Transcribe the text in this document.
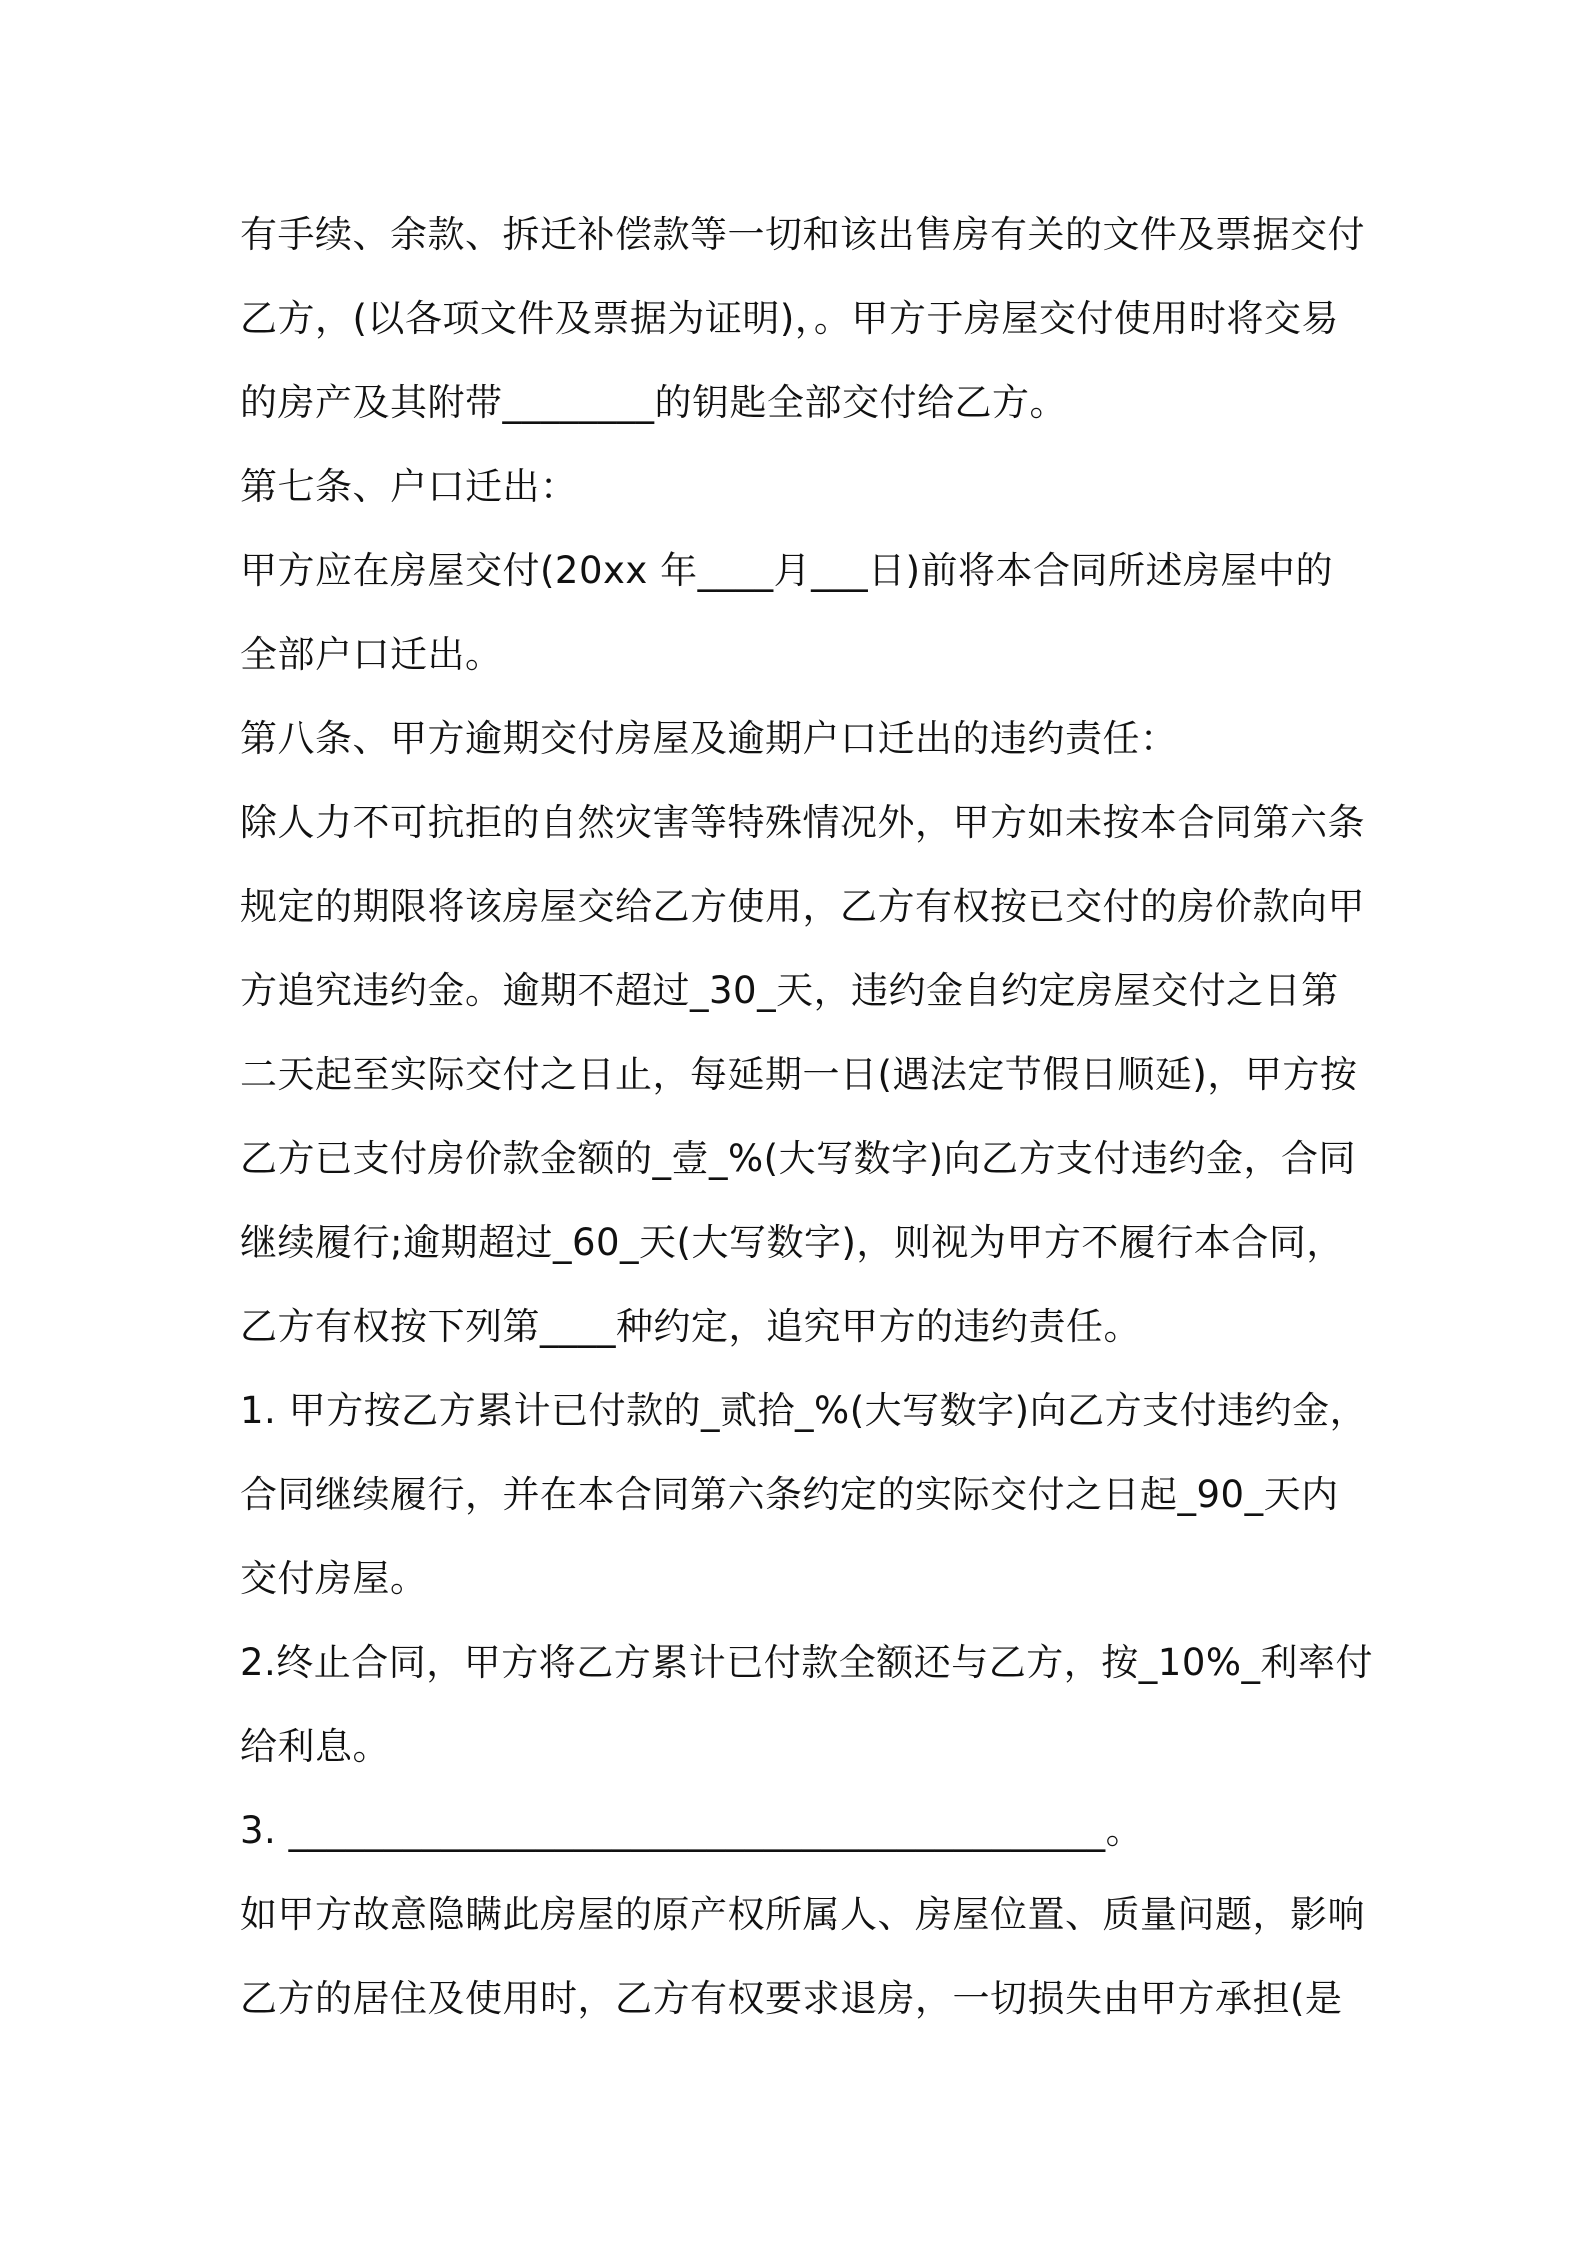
有手续、余款、拆迁补偿款等一切和该出售房有关的文件及票据交付
乙方，(以各项文件及票据为证明)，。甲方于房屋交付使用时将交易
的房产及其附带________的钥匙全部交付给乙方。
第七条、户口迁出：
甲方应在房屋交付(20xx 年____月___日)前将本合同所述房屋中的
全部户口迁出。
第八条、甲方逾期交付房屋及逾期户口迁出的违约责任：
除人力不可抗拒的自然灾害等特殊情况外，甲方如未按本合同第六条
规定的期限将该房屋交给乙方使用，乙方有权按已交付的房价款向甲
方追究违约金。逾期不超过_30_天，违约金自约定房屋交付之日第
二天起至实际交付之日止，每延期一日(遇法定节假日顺延)，甲方按
乙方已支付房价款金额的_壹_%(大写数字)向乙方支付违约金，合同
继续履行;逾期超过_60_天(大写数字)，则视为甲方不履行本合同，
乙方有权按下列第____种约定，追究甲方的违约责任。
1. 甲方按乙方累计已付款的_贰拾_%(大写数字)向乙方支付违约金，
合同继续履行，并在本合同第六条约定的实际交付之日起_90_天内
交付房屋。
2.终止合同，甲方将乙方累计已付款全额还与乙方，按_10%_利率付
给利息。
3. ___________________________________________。
如甲方故意隐瞒此房屋的原产权所属人、房屋位置、质量问题，影响
乙方的居住及使用时，乙方有权要求退房，一切损失由甲方承担(是
